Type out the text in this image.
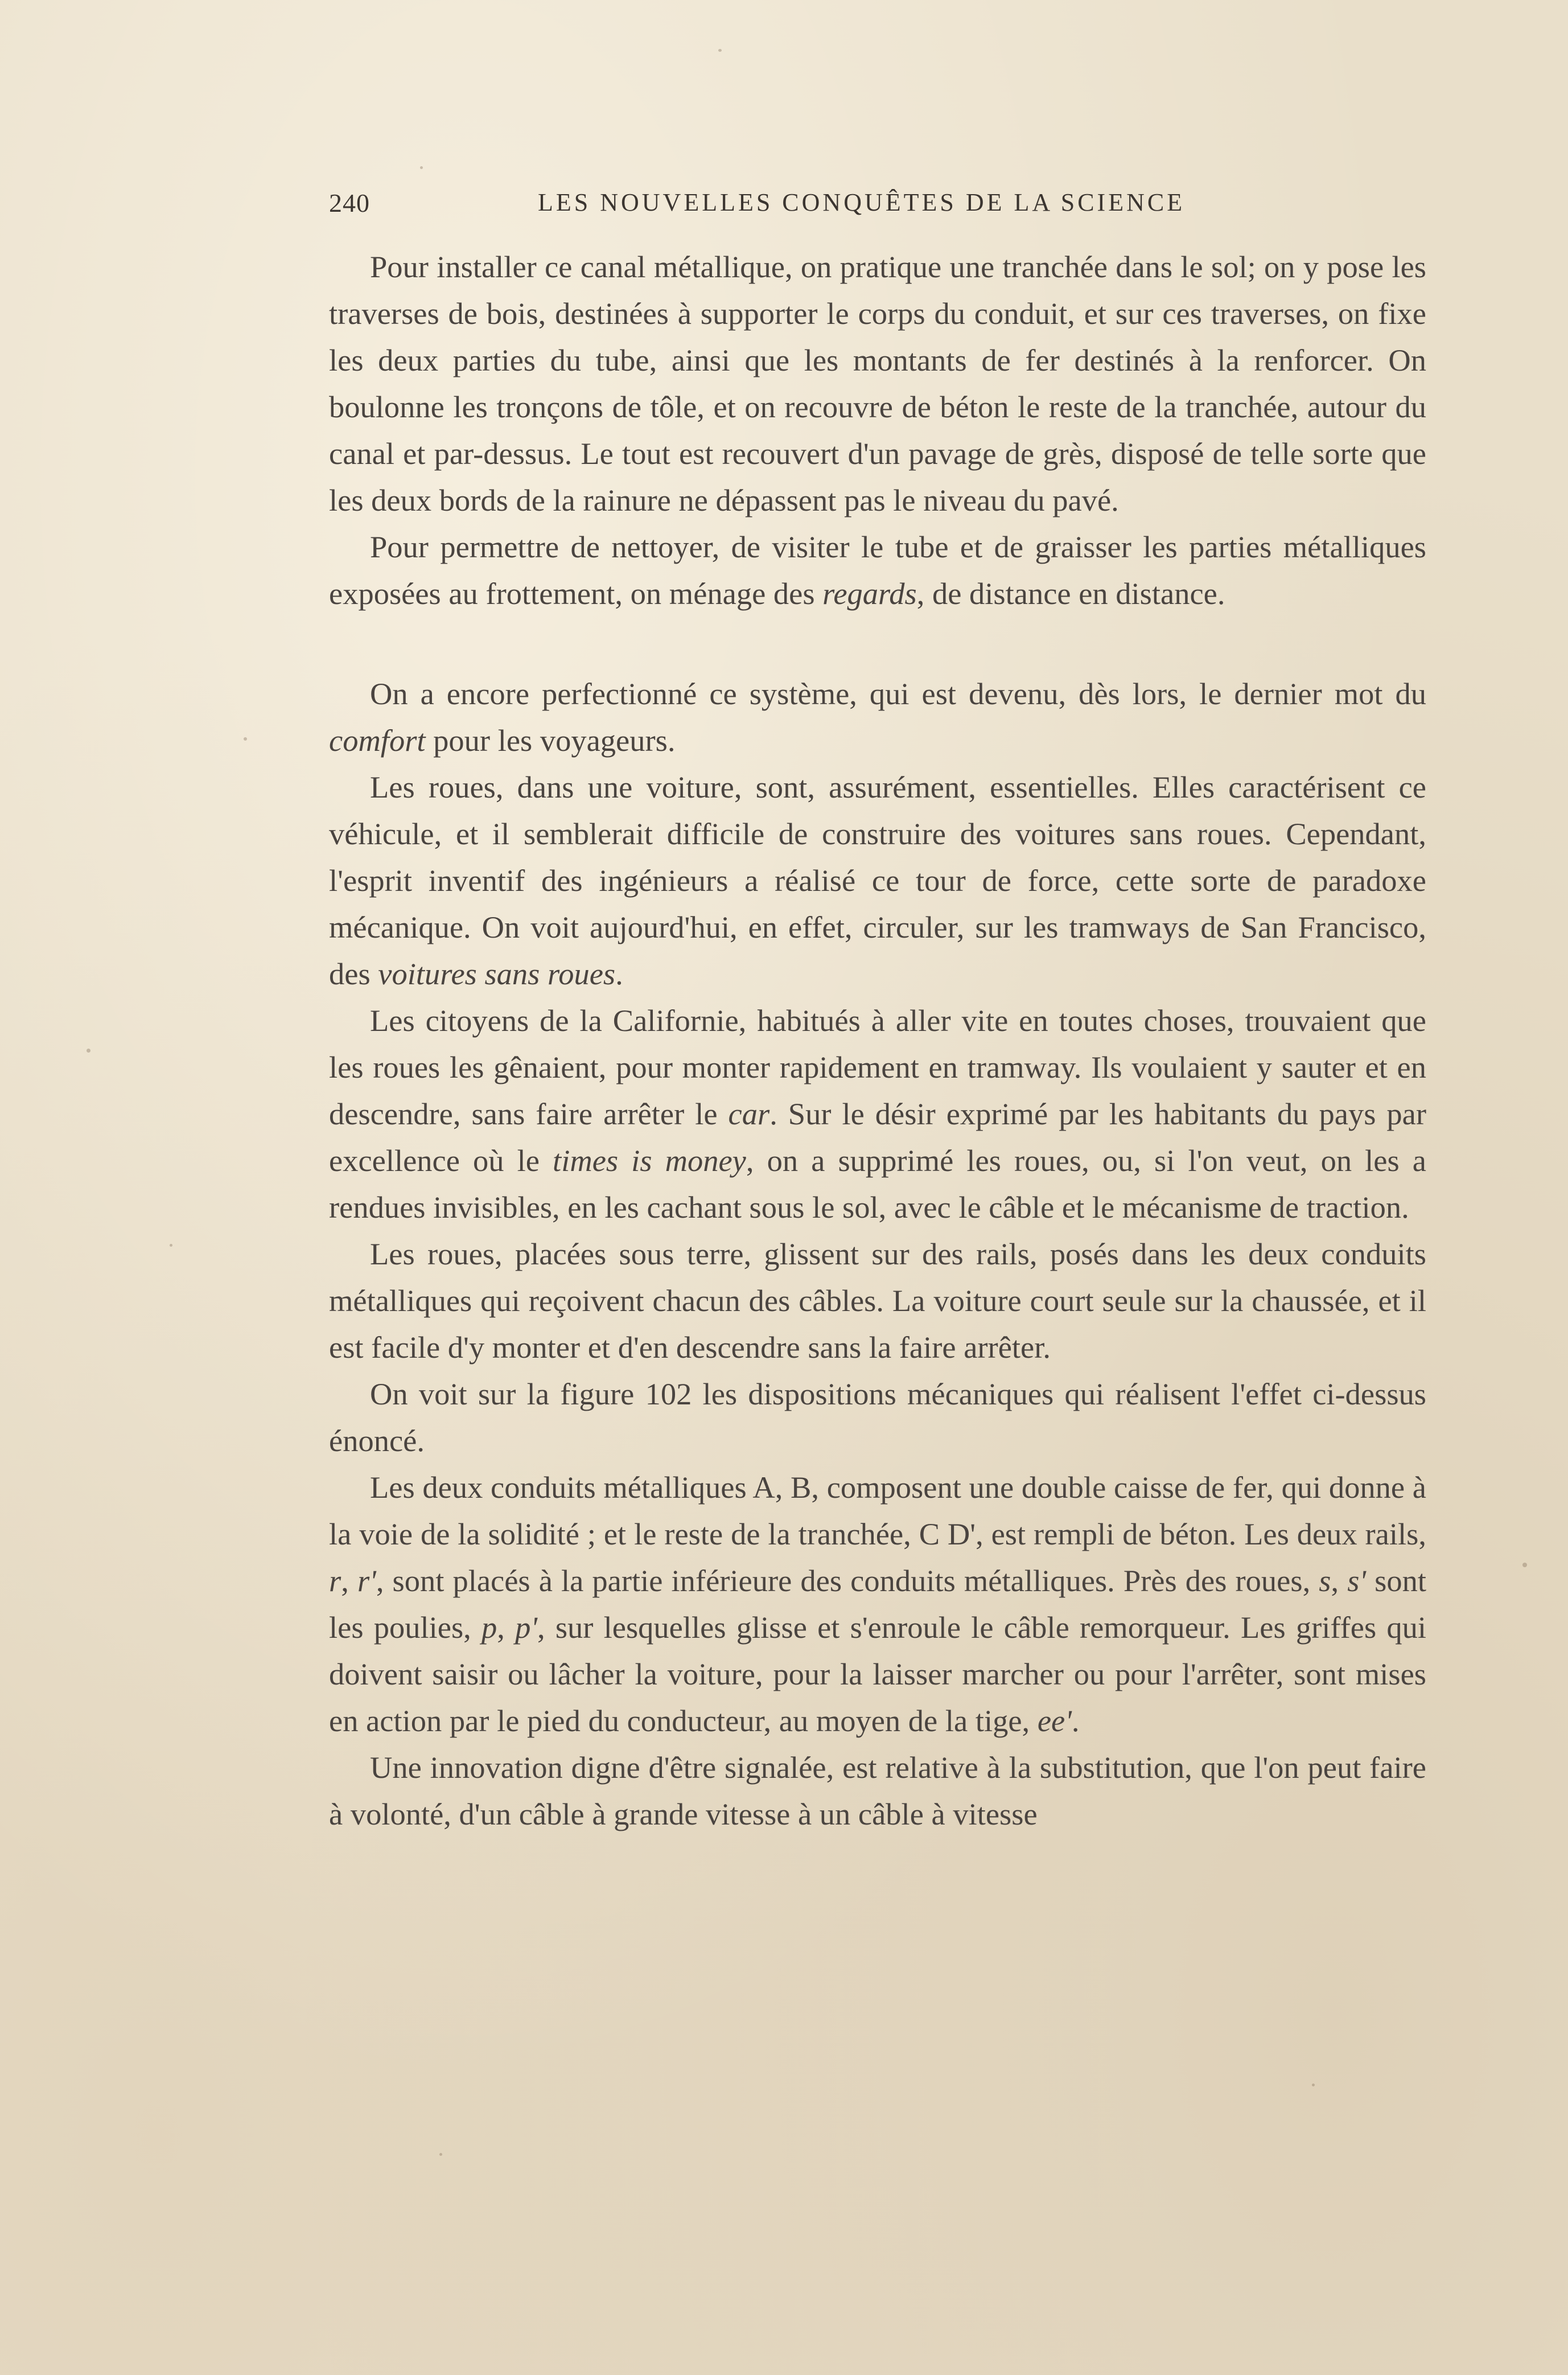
240	LES NOUVELLES CONQUÊTES DE LA SCIENCE

Pour installer ce canal métallique, on pratique une tranchée dans le sol; on y pose les traverses de bois, destinées à supporter le corps du conduit, et sur ces traverses, on fixe les deux parties du tube, ainsi que les montants de fer destinés à la renforcer. On boulonne les tronçons de tôle, et on recouvre de béton le reste de la tranchée, autour du canal et par-dessus. Le tout est recouvert d'un pavage de grès, disposé de telle sorte que les deux bords de la rainure ne dépassent pas le niveau du pavé.

Pour permettre de nettoyer, de visiter le tube et de graisser les parties métalliques exposées au frottement, on ménage des regards, de distance en distance.

On a encore perfectionné ce système, qui est devenu, dès lors, le dernier mot du comfort pour les voyageurs.

Les roues, dans une voiture, sont, assurément, essentielles. Elles caractérisent ce véhicule, et il semblerait difficile de construire des voitures sans roues. Cependant, l'esprit inventif des ingénieurs a réalisé ce tour de force, cette sorte de paradoxe mécanique. On voit aujourd'hui, en effet, circuler, sur les tramways de San Francisco, des voitures sans roues.

Les citoyens de la Californie, habitués à aller vite en toutes choses, trouvaient que les roues les gênaient, pour monter rapidement en tramway. Ils voulaient y sauter et en descendre, sans faire arrêter le car. Sur le désir exprimé par les habitants du pays par excellence où le times is money, on a supprimé les roues, ou, si l'on veut, on les a rendues invisibles, en les cachant sous le sol, avec le câble et le mécanisme de traction.

Les roues, placées sous terre, glissent sur des rails, posés dans les deux conduits métalliques qui reçoivent chacun des câbles. La voiture court seule sur la chaussée, et il est facile d'y monter et d'en descendre sans la faire arrêter.

On voit sur la figure 102 les dispositions mécaniques qui réalisent l'effet ci-dessus énoncé.

Les deux conduits métalliques A, B, composent une double caisse de fer, qui donne à la voie de la solidité ; et le reste de la tranchée, C D', est rempli de béton. Les deux rails, r, r', sont placés à la partie inférieure des conduits métalliques. Près des roues, s, s' sont les poulies, p, p', sur lesquelles glisse et s'enroule le câble remorqueur. Les griffes qui doivent saisir ou lâcher la voiture, pour la laisser marcher ou pour l'arrêter, sont mises en action par le pied du conducteur, au moyen de la tige, ee'.

Une innovation digne d'être signalée, est relative à la substitution, que l'on peut faire à volonté, d'un câble à grande vitesse à un câble à vitesse
